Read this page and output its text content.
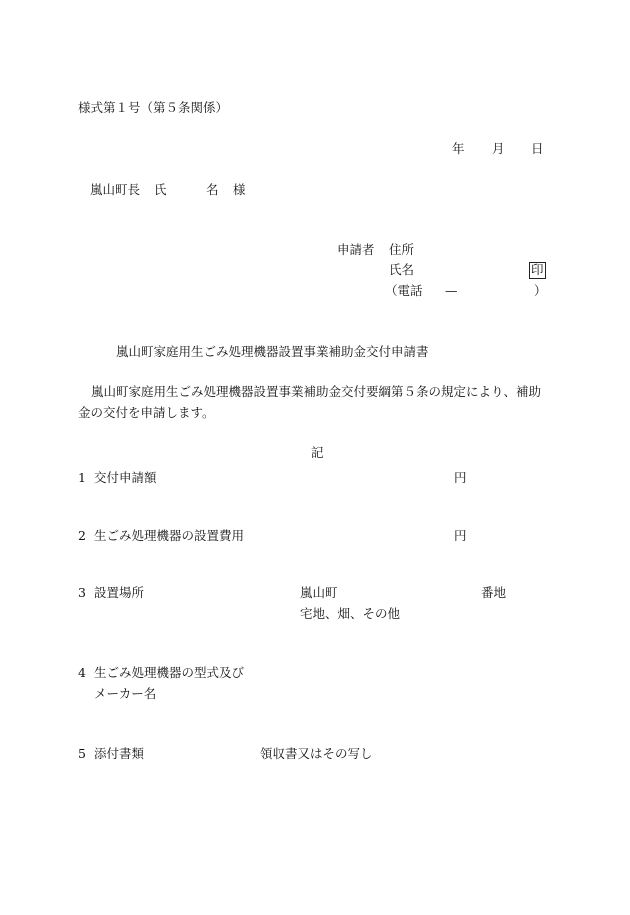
様式第１号（第５条関係）
年 月 日
嵐山町長 氏	名 様
申請者 住所
氏名	印
（電話 —	）
嵐山町家庭用生ごみ処理機器設置事業補助金交付申請書
嵐山町家庭用生ごみ処理機器設置事業補助金交付要綱第５条の規定により、補助金の交付を申請します。
記
1 交付申請額	円
2 生ごみ処理機器の設置費用	円
3 設置場所	嵐山町	番地
宅地、畑、その他
4 生ごみ処理機器の型式及び
メーカー名
5 添付書類	領収書又はその写し
